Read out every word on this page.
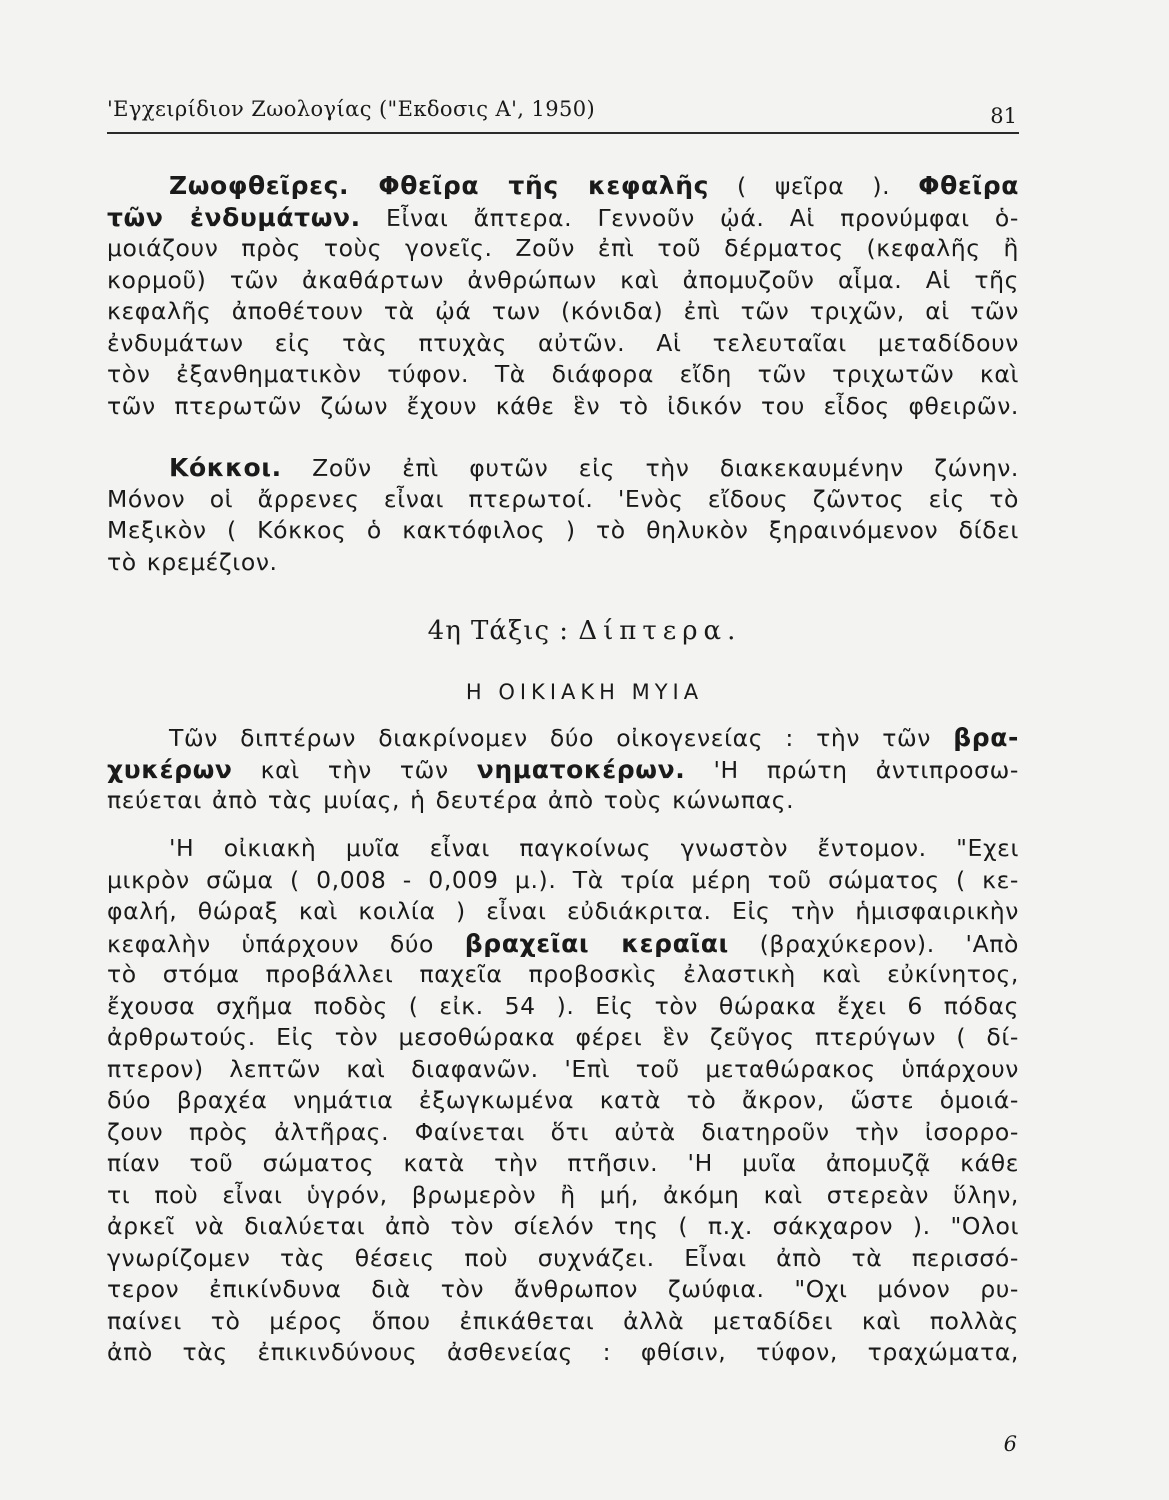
'Εγχειρίδιον Ζωολογίας ("Εκδοσις Α', 1950)	81
Ζωοφθεῖρες. Φθεῖρα τῆς κεφαλῆς ( ψεῖρα ). Φθεῖρα
τῶν ἐνδυμάτων. Εἶναι ἄπτερα. Γεννοῦν ᾠά. Αἱ προνύμφαι ὁ-
μοιάζουν πρὸς τοὺς γονεῖς. Ζοῦν ἐπὶ τοῦ δέρματος (κεφαλῆς ἢ
κορμοῦ) τῶν ἀκαθάρτων ἀνθρώπων καὶ ἀπομυζοῦν αἷμα. Αἱ τῆς
κεφαλῆς ἀποθέτουν τὰ ᾠά των (κόνιδα) ἐπὶ τῶν τριχῶν, αἱ τῶν
ἐνδυμάτων εἰς τὰς πτυχὰς αὐτῶν. Αἱ τελευταῖαι μεταδίδουν
τὸν ἐξανθηματικὸν τύφον. Τὰ διάφορα εἴδη τῶν τριχωτῶν καὶ
τῶν πτερωτῶν ζώων ἔχουν κάθε ἓν τὸ ἰδικόν του εἶδος φθειρῶν.
Κόκκοι. Ζοῦν ἐπὶ φυτῶν εἰς τὴν διακεκαυμένην ζώνην.
Μόνον οἱ ἄρρενες εἶναι πτερωτοί. 'Ενὸς εἴδους ζῶντος εἰς τὸ
Μεξικὸν ( Κόκκος ὁ κακτόφιλος ) τὸ θηλυκὸν ξηραινόμενον δίδει
τὸ κρεμέζιον.
4η Τάξις : Δίπτερα.
Η ΟΙΚΙΑΚΗ ΜΥΙΑ
Τῶν διπτέρων διακρίνομεν δύο οἰκογενείας : τὴν τῶν βρα-
χυκέρων καὶ τὴν τῶν νηματοκέρων. 'Η πρώτη ἀντιπροσω-
πεύεται ἀπὸ τὰς μυίας, ἡ δευτέρα ἀπὸ τοὺς κώνωπας.
'Η οἰκιακὴ μυῖα εἶναι παγκοίνως γνωστὸν ἔντομον. "Εχει
μικρὸν σῶμα ( 0,008 - 0,009 μ.). Τὰ τρία μέρη τοῦ σώματος ( κε-
φαλή, θώραξ καὶ κοιλία ) εἶναι εὐδιάκριτα. Εἰς τὴν ἡμισφαιρικὴν
κεφαλὴν ὑπάρχουν δύο βραχεῖαι κεραῖαι (βραχύκερον). 'Απὸ
τὸ στόμα προβάλλει παχεῖα προβοσκὶς ἐλαστικὴ καὶ εὐκίνητος,
ἔχουσα σχῆμα ποδὸς ( εἰκ. 54 ). Εἰς τὸν θώρακα ἔχει 6 πόδας
ἀρθρωτούς. Εἰς τὸν μεσοθώρακα φέρει ἓν ζεῦγος πτερύγων ( δί-
πτερον) λεπτῶν καὶ διαφανῶν. 'Επὶ τοῦ μεταθώρακος ὑπάρχουν
δύο βραχέα νημάτια ἐξωγκωμένα κατὰ τὸ ἄκρον, ὥστε ὁμοιά-
ζουν πρὸς ἀλτῆρας. Φαίνεται ὅτι αὐτὰ διατηροῦν τὴν ἰσορρο-
πίαν τοῦ σώματος κατὰ τὴν πτῆσιν. 'Η μυῖα ἀπομυζᾷ κάθε
τι ποὺ εἶναι ὑγρόν, βρωμερὸν ἢ μή, ἀκόμη καὶ στερεὰν ὕλην,
ἀρκεῖ νὰ διαλύεται ἀπὸ τὸν σίελόν της ( π.χ. σάκχαρον ). "Ολοι
γνωρίζομεν τὰς θέσεις ποὺ συχνάζει. Εἶναι ἀπὸ τὰ περισσό-
τερον ἐπικίνδυνα διὰ τὸν ἄνθρωπον ζωύφια. "Οχι μόνον ρυ-
παίνει τὸ μέρος ὅπου ἐπικάθεται ἀλλὰ μεταδίδει καὶ πολλὰς
ἀπὸ τὰς ἐπικινδύνους ἀσθενείας : φθίσιν, τύφον, τραχώματα,
6
